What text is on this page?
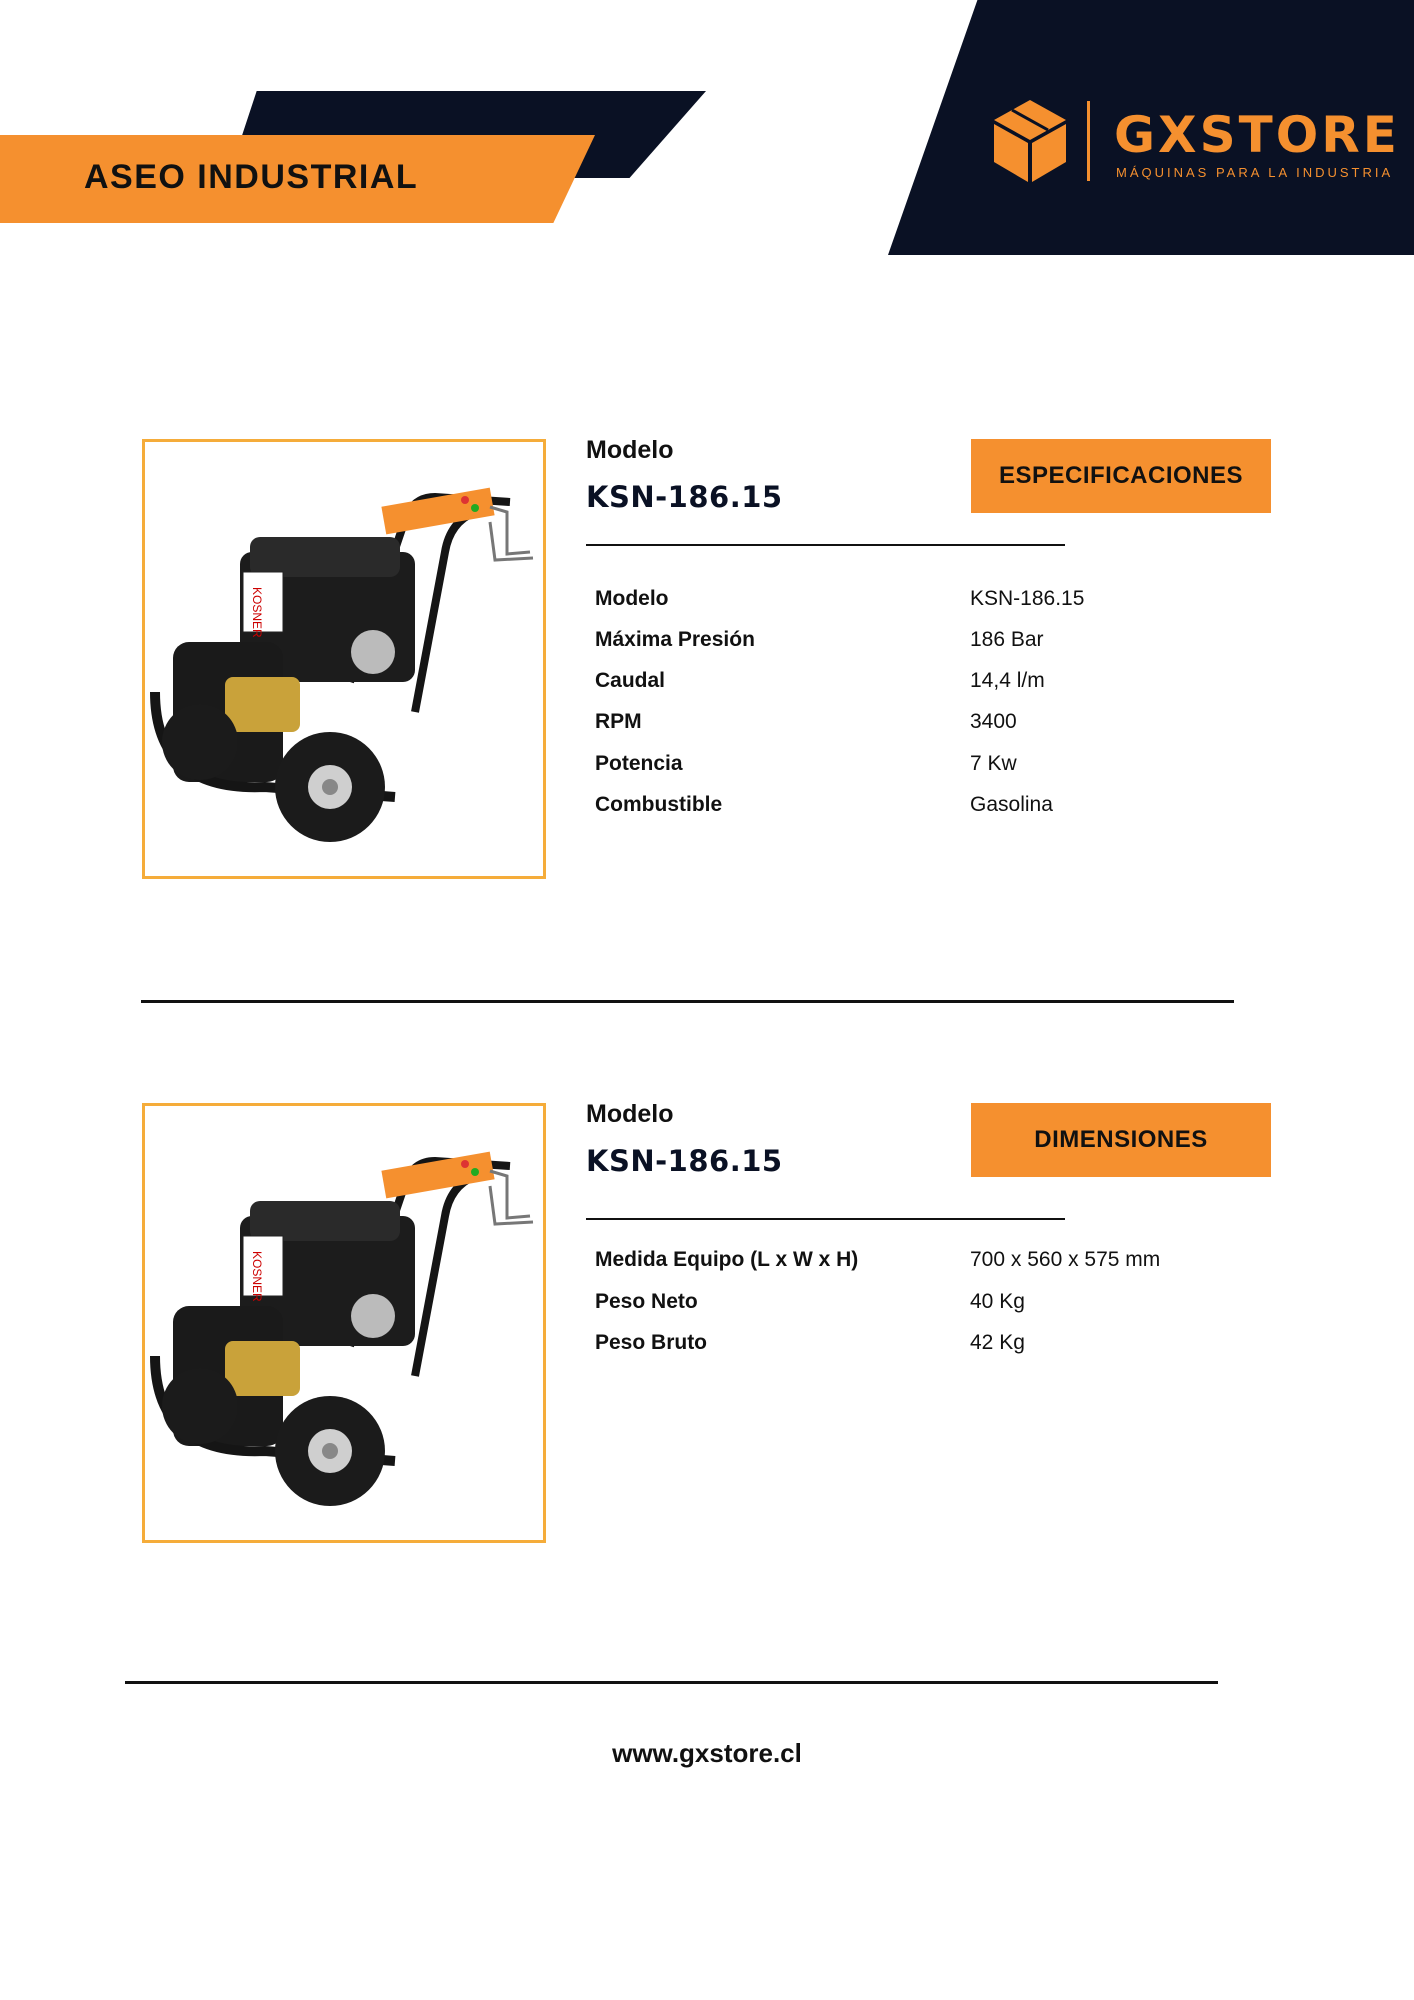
ASEO INDUSTRIAL
GXSTORE
MÁQUINAS PARA LA INDUSTRIA
KOSNER
Modelo
KSN-186.15
ESPECIFICACIONES
Modelo	KSN-186.15
Máxima Presión	186 Bar
Caudal	14,4 l/m
RPM	3400
Potencia	7 Kw
Combustible	Gasolina
KOSNER
Modelo
KSN-186.15
DIMENSIONES
Medida Equipo (L x W x H)	700 x 560 x 575 mm
Peso Neto	40 Kg
Peso Bruto	42 Kg
www.gxstore.cl
